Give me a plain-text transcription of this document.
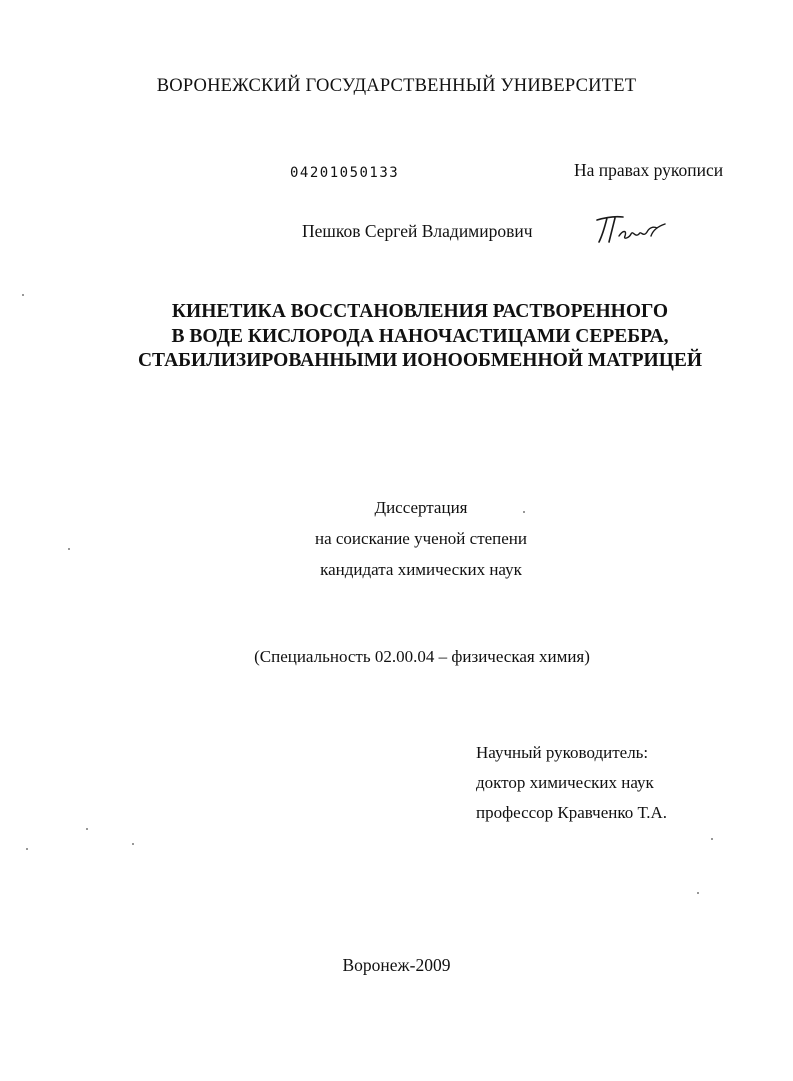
ВОРОНЕЖСКИЙ ГОСУДАРСТВЕННЫЙ УНИВЕРСИТЕТ
04201050133	На правах рукописи
Пешков Сергей Владимирович
КИНЕТИКА ВОССТАНОВЛЕНИЯ РАСТВОРЕННОГО
В ВОДЕ КИСЛОРОДА НАНОЧАСТИЦАМИ СЕРЕБРА,
СТАБИЛИЗИРОВАННЫМИ ИОНООБМЕННОЙ МАТРИЦЕЙ
Диссертация
на соискание ученой степени
кандидата химических наук
(Специальность 02.00.04 – физическая химия)
Научный руководитель:
доктор химических наук
профессор Кравченко Т.А.
Воронеж-2009
